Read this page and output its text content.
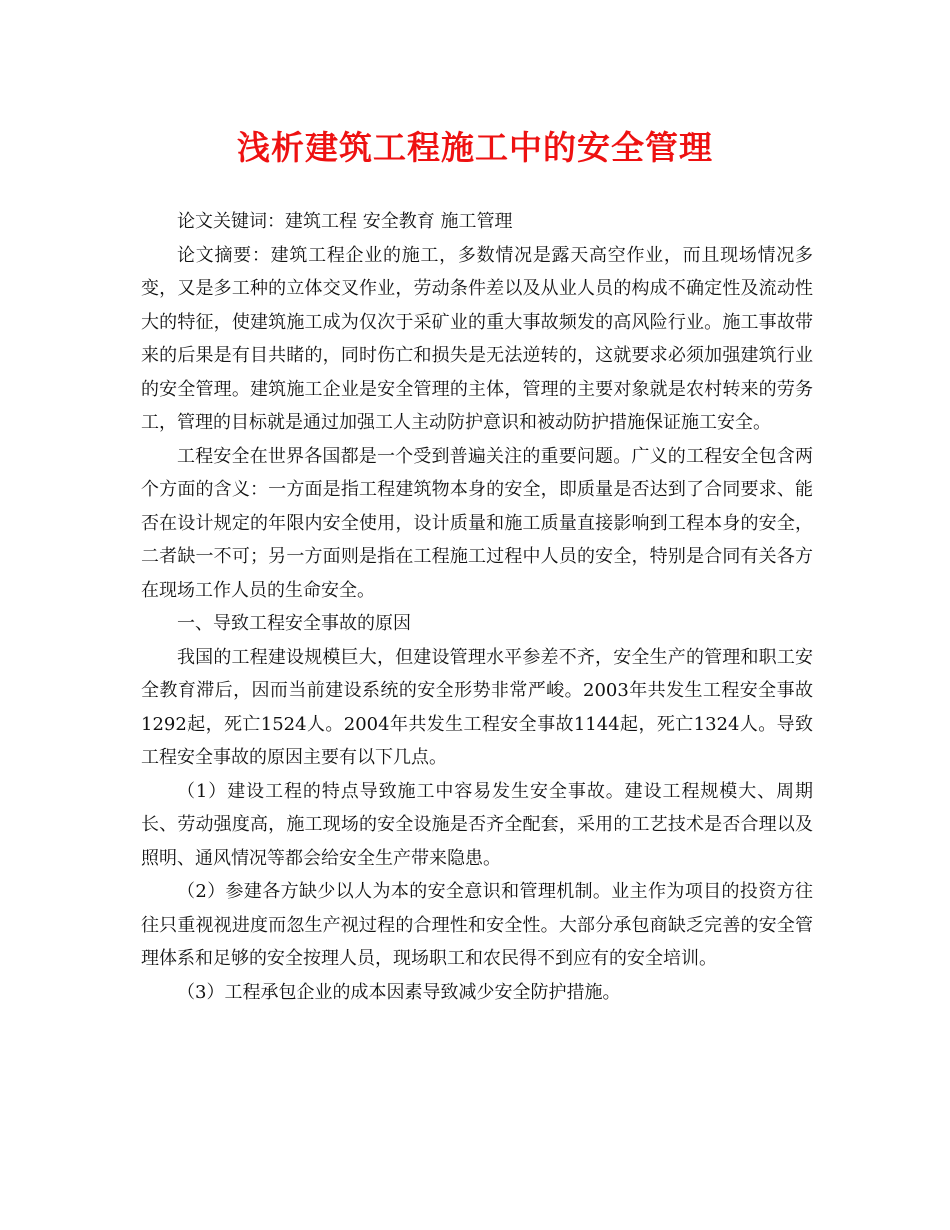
浅析建筑工程施工中的安全管理

论文关键词：建筑工程 安全教育 施工管理

论文摘要：建筑工程企业的施工，多数情况是露天高空作业，而且现场情况多变，又是多工种的立体交叉作业，劳动条件差以及从业人员的构成不确定性及流动性大的特征，使建筑施工成为仅次于采矿业的重大事故频发的高风险行业。施工事故带来的后果是有目共睹的，同时伤亡和损失是无法逆转的，这就要求必须加强建筑行业的安全管理。建筑施工企业是安全管理的主体，管理的主要对象就是农村转来的劳务工，管理的目标就是通过加强工人主动防护意识和被动防护措施保证施工安全。

工程安全在世界各国都是一个受到普遍关注的重要问题。广义的工程安全包含两个方面的含义：一方面是指工程建筑物本身的安全，即质量是否达到了合同要求、能否在设计规定的年限内安全使用，设计质量和施工质量直接影响到工程本身的安全，二者缺一不可；另一方面则是指在工程施工过程中人员的安全，特别是合同有关各方在现场工作人员的生命安全。

一、导致工程安全事故的原因

我国的工程建设规模巨大，但建设管理水平参差不齐，安全生产的管理和职工安全教育滞后，因而当前建设系统的安全形势非常严峻。2003年共发生工程安全事故1292起，死亡1524人。2004年共发生工程安全事故1144起，死亡1324人。导致工程安全事故的原因主要有以下几点。

（1）建设工程的特点导致施工中容易发生安全事故。建设工程规模大、周期长、劳动强度高，施工现场的安全设施是否齐全配套，采用的工艺技术是否合理以及照明、通风情况等都会给安全生产带来隐患。

（2）参建各方缺少以人为本的安全意识和管理机制。业主作为项目的投资方往往只重视视进度而忽生产视过程的合理性和安全性。大部分承包商缺乏完善的安全管理体系和足够的安全按理人员，现场职工和农民得不到应有的安全培训。

（3）工程承包企业的成本因素导致减少安全防护措施。
